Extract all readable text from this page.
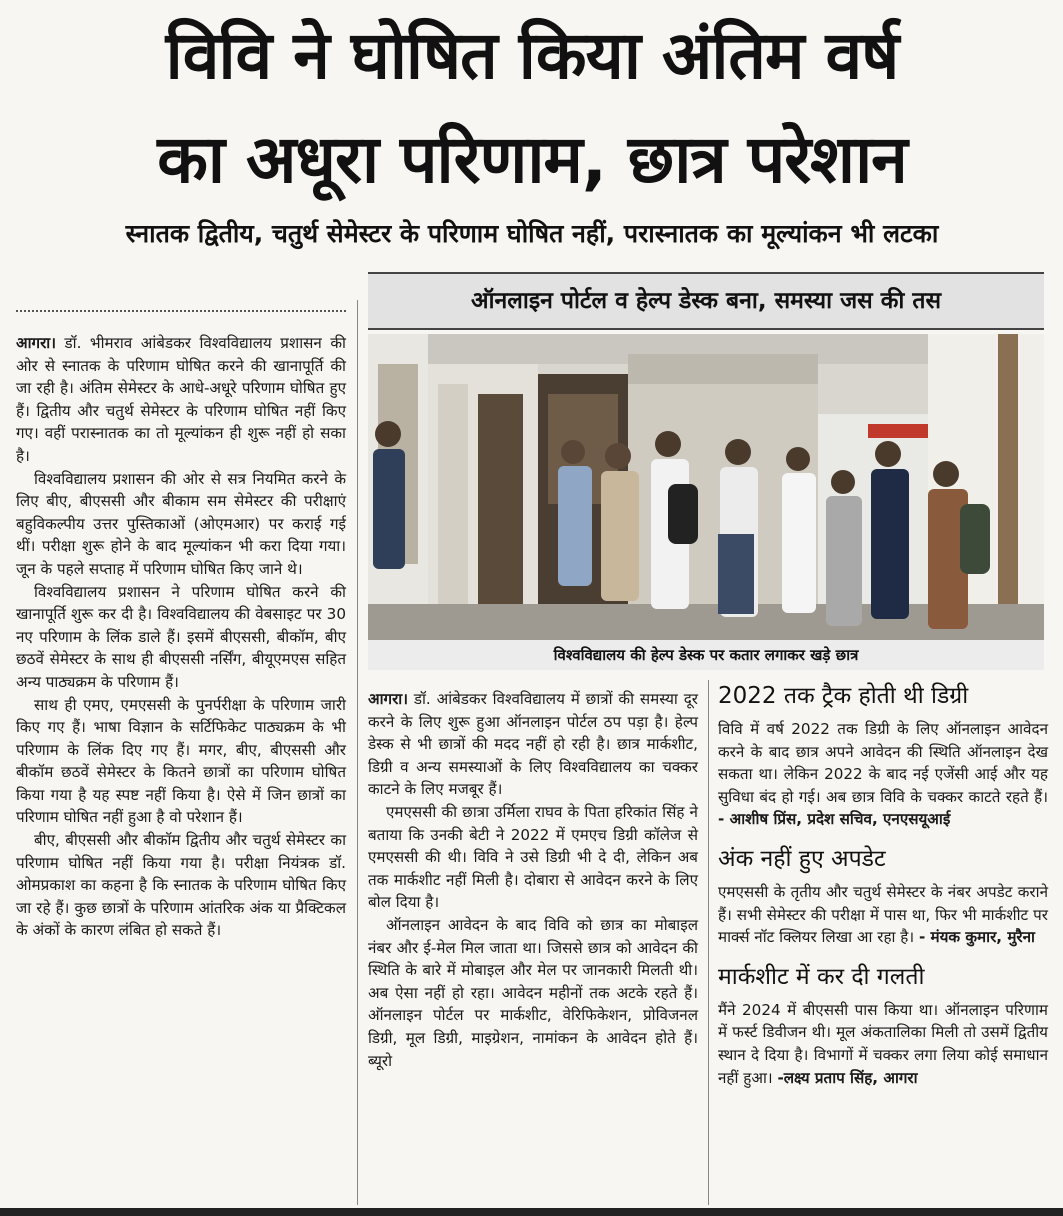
विवि ने घोषित किया अंतिम वर्ष
का अधूरा परिणाम, छात्र परेशान
स्नातक द्वितीय, चतुर्थ सेमेस्टर के परिणाम घोषित नहीं, परास्नातक का मूल्यांकन भी लटका
ऑनलाइन पोर्टल व हेल्प डेस्क बना, समस्या जस की तस
विश्वविद्यालय की हेल्प डेस्क पर कतार लगाकर खड़े छात्र

आगरा। डॉ. भीमराव आंबेडकर विश्वविद्यालय प्रशासन की ओर से स्नातक के परिणाम घोषित करने की खानापूर्ति की जा रही है। अंतिम सेमेस्टर के आधे-अधूरे परिणाम घोषित हुए हैं। द्वितीय और चतुर्थ सेमेस्टर के परिणाम घोषित नहीं किए गए। वहीं परास्नातक का तो मूल्यांकन ही शुरू नहीं हो सका है।

विश्वविद्यालय प्रशासन की ओर से सत्र नियमित करने के लिए बीए, बीएससी और बीकाम सम सेमेस्टर की परीक्षाएं बहुविकल्पीय उत्तर पुस्तिकाओं (ओएमआर) पर कराई गई थीं। परीक्षा शुरू होने के बाद मूल्यांकन भी करा दिया गया। जून के पहले सप्ताह में परिणाम घोषित किए जाने थे।

विश्वविद्यालय प्रशासन ने परिणाम घोषित करने की खानापूर्ति शुरू कर दी है। विश्वविद्यालय की वेबसाइट पर 30 नए परिणाम के लिंक डाले हैं। इसमें बीएससी, बीकॉम, बीए छठवें सेमेस्टर के साथ ही बीएससी नर्सिंग, बीयूएमएस सहित अन्य पाठ्यक्रम के परिणाम हैं।

साथ ही एमए, एमएससी के पुनर्परीक्षा के परिणाम जारी किए गए हैं। भाषा विज्ञान के सर्टिफिकेट पाठ्यक्रम के भी परिणाम के लिंक दिए गए हैं। मगर, बीए, बीएससी और बीकॉम छठवें सेमेस्टर के कितने छात्रों का परिणाम घोषित किया गया है यह स्पष्ट नहीं किया है। ऐसे में जिन छात्रों का परिणाम घोषित नहीं हुआ है वो परेशान हैं।

बीए, बीएससी और बीकॉम द्वितीय और चतुर्थ सेमेस्टर का परिणाम घोषित नहीं किया गया है। परीक्षा नियंत्रक डॉ. ओमप्रकाश का कहना है कि स्नातक के परिणाम घोषित किए जा रहे हैं। कुछ छात्रों के परिणाम आंतरिक अंक या प्रैक्टिकल के अंकों के कारण लंबित हो सकते हैं।

आगरा। डॉ. आंबेडकर विश्वविद्यालय में छात्रों की समस्या दूर करने के लिए शुरू हुआ ऑनलाइन पोर्टल ठप पड़ा है। हेल्प डेस्क से भी छात्रों की मदद नहीं हो रही है। छात्र मार्कशीट, डिग्री व अन्य समस्याओं के लिए विश्वविद्यालय का चक्कर काटने के लिए मजबूर हैं।

एमएससी की छात्रा उर्मिला राघव के पिता हरिकांत सिंह ने बताया कि उनकी बेटी ने 2022 में एमएच डिग्री कॉलेज से एमएससी की थी। विवि ने उसे डिग्री भी दे दी, लेकिन अब तक मार्कशीट नहीं मिली है। दोबारा से आवेदन करने के लिए बोल दिया है।

ऑनलाइन आवेदन के बाद विवि को छात्र का मोबाइल नंबर और ई-मेल मिल जाता था। जिससे छात्र को आवेदन की स्थिति के बारे में मोबाइल और मेल पर जानकारी मिलती थी। अब ऐसा नहीं हो रहा। आवेदन महीनों तक अटके रहते हैं। ऑनलाइन पोर्टल पर मार्कशीट, वेरिफिकेशन, प्रोविजनल डिग्री, मूल डिग्री, माइग्रेशन, नामांकन के आवेदन होते हैं। ब्यूरो

2022 तक ट्रैक होती थी डिग्री

विवि में वर्ष 2022 तक डिग्री के लिए ऑनलाइन आवेदन करने के बाद छात्र अपने आवेदन की स्थिति ऑनलाइन देख सकता था। लेकिन 2022 के बाद नई एजेंसी आई और यह सुविधा बंद हो गई। अब छात्र विवि के चक्कर काटते रहते हैं। - आशीष प्रिंस, प्रदेश सचिव, एनएसयूआई

अंक नहीं हुए अपडेट

एमएससी के तृतीय और चतुर्थ सेमेस्टर के नंबर अपडेट कराने हैं। सभी सेमेस्टर की परीक्षा में पास था, फिर भी मार्कशीट पर मार्क्स नॉट क्लियर लिखा आ रहा है। - मंयक कुमार, मुरैना

मार्कशीट में कर दी गलती

मैंने 2024 में बीएससी पास किया था। ऑनलाइन परिणाम में फर्स्ट डिवीजन थी। मूल अंकतालिका मिली तो उसमें द्वितीय स्थान दे दिया है। विभागों में चक्कर लगा लिया कोई समाधान नहीं हुआ। -लक्ष्य प्रताप सिंह, आगरा
